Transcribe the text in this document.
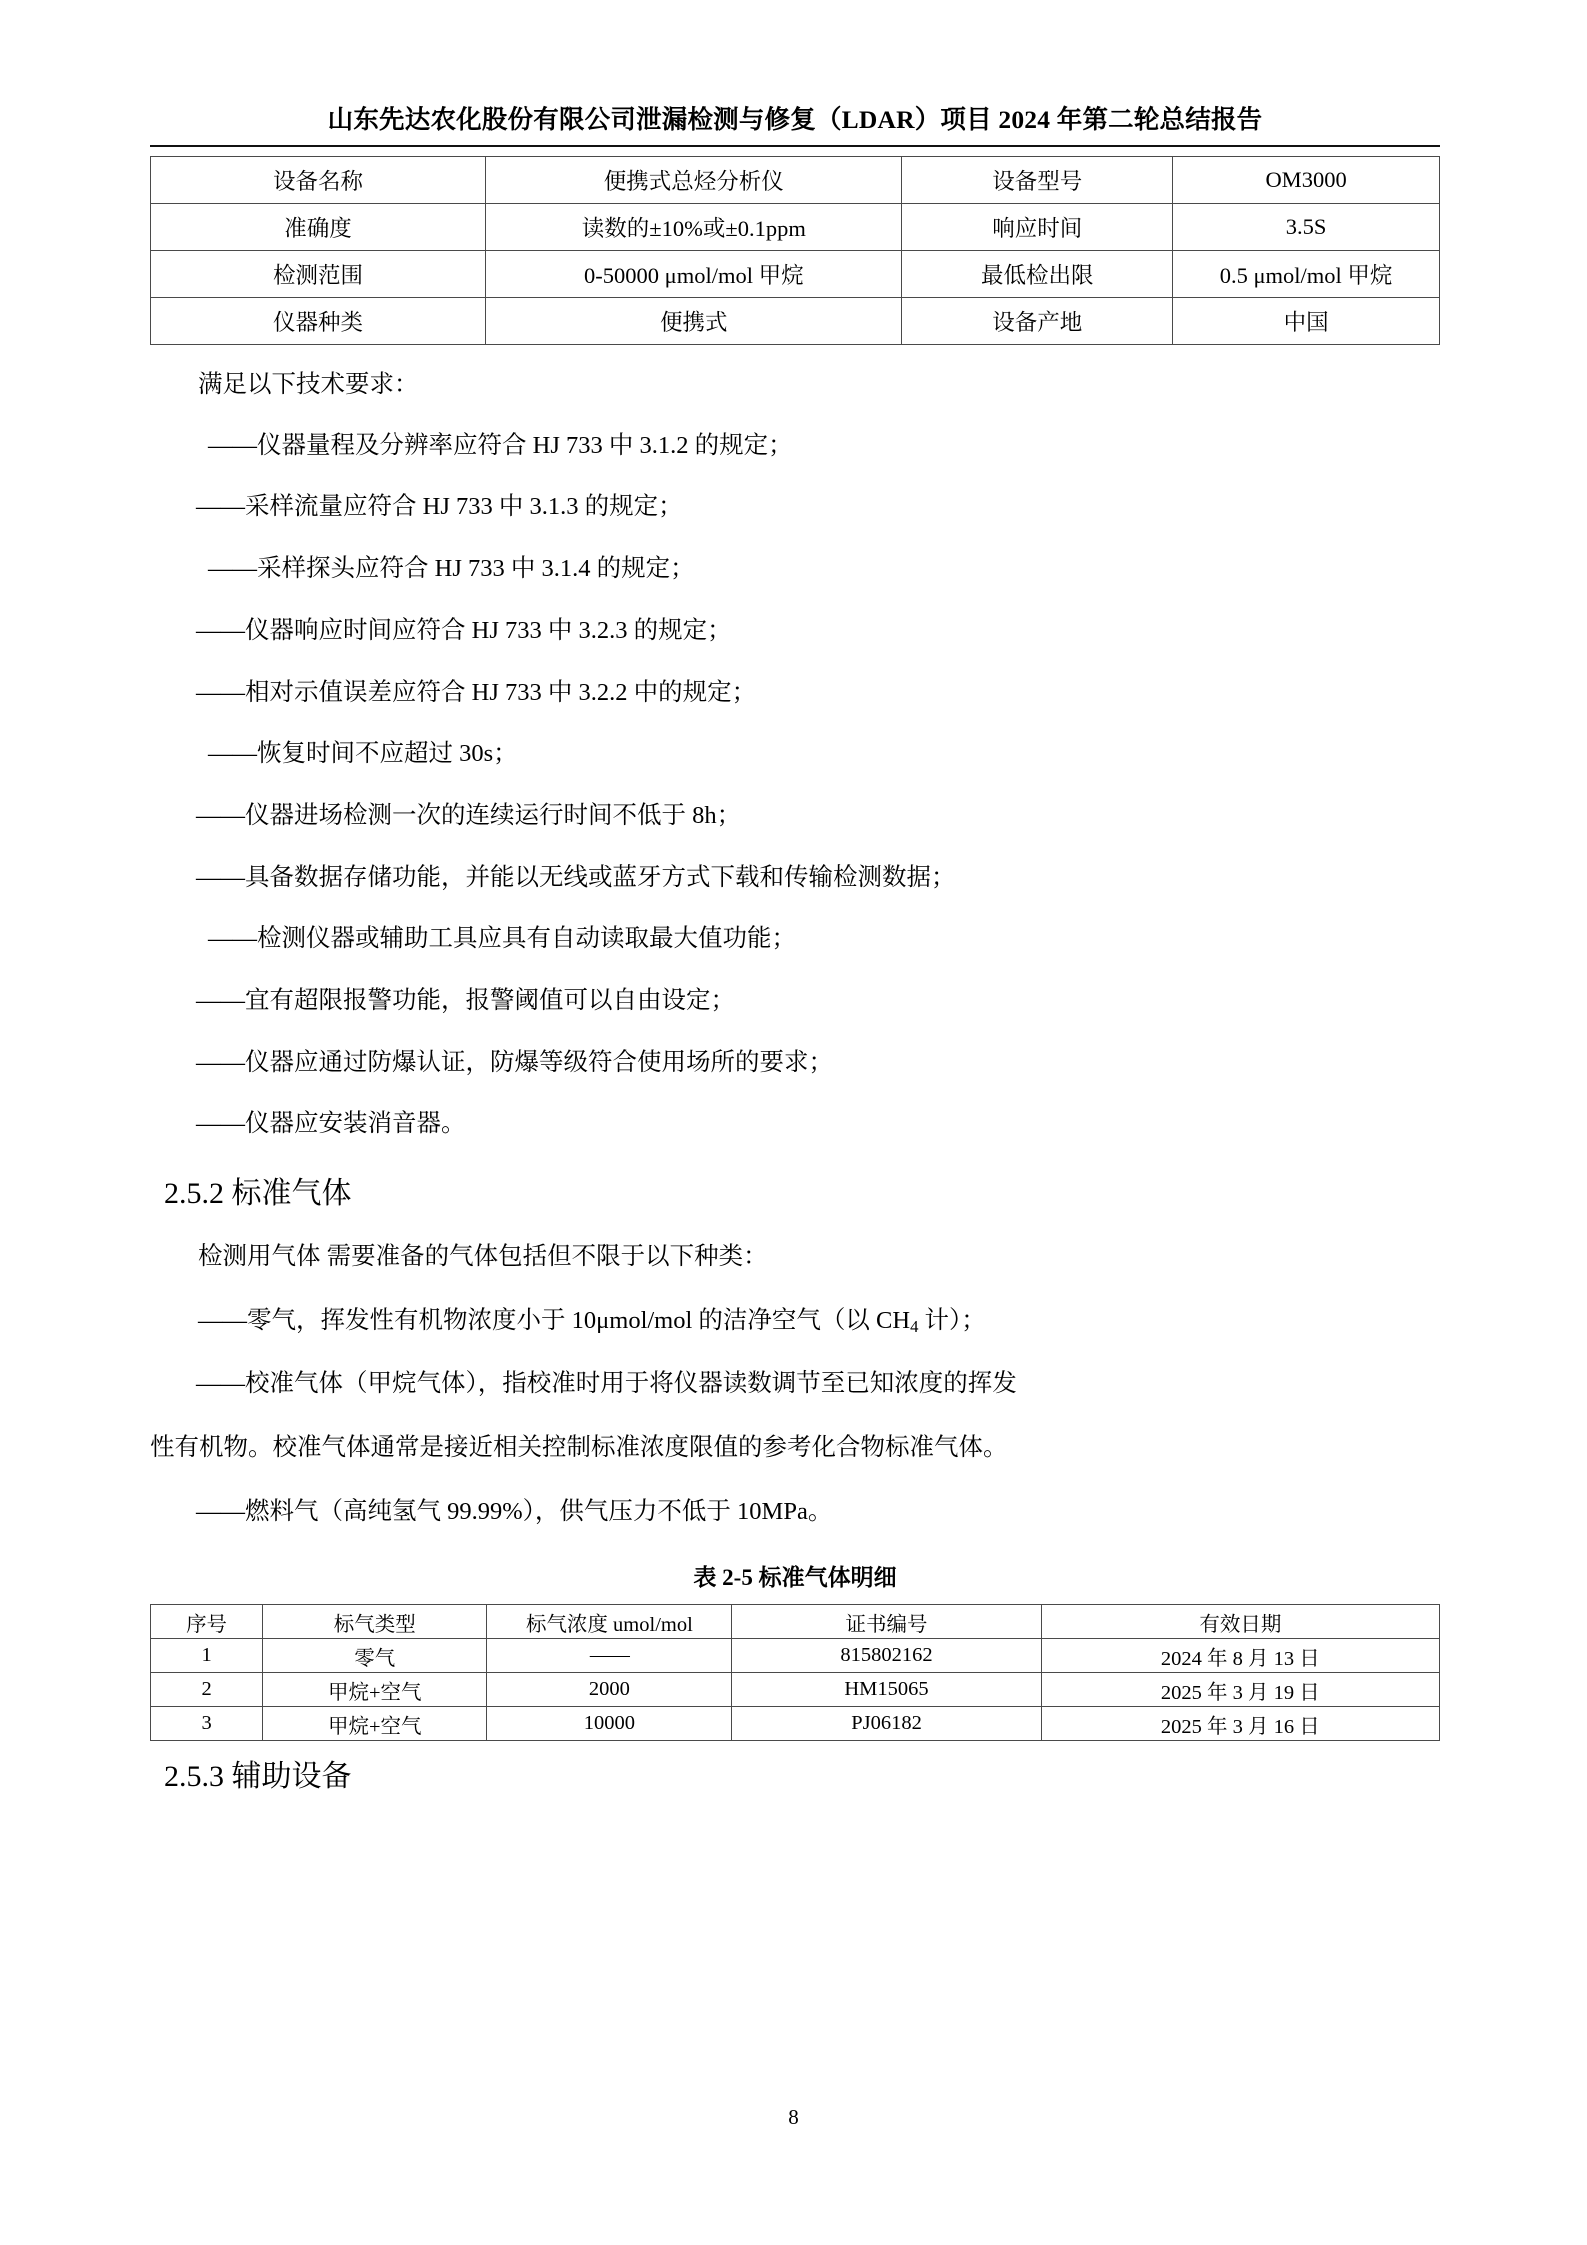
山东先达农化股份有限公司泄漏检测与修复（LDAR）项目 2024 年第二轮总结报告
设备名称	便携式总烃分析仪	设备型号	OM3000
准确度	读数的±10%或±0.1ppm	响应时间	3.5S
检测范围	0-50000 μmol/mol 甲烷	最低检出限	0.5 μmol/mol 甲烷
仪器种类	便携式	设备产地	中国

满足以下技术要求：

——仪器量程及分辨率应符合 HJ 733 中 3.1.2 的规定；
——采样流量应符合 HJ 733 中 3.1.3 的规定；
——采样探头应符合 HJ 733 中 3.1.4 的规定；
——仪器响应时间应符合 HJ 733 中 3.2.3 的规定；
——相对示值误差应符合 HJ 733 中 3.2.2 中的规定；
——恢复时间不应超过 30s；
——仪器进场检测一次的连续运行时间不低于 8h；
——具备数据存储功能，并能以无线或蓝牙方式下载和传输检测数据；
——检测仪器或辅助工具应具有自动读取最大值功能；
——宜有超限报警功能，报警阈值可以自由设定；
——仪器应通过防爆认证，防爆等级符合使用场所的要求；
——仪器应安装消音器。
2.5.2 标准气体

检测用气体 需要准备的气体包括但不限于以下种类：

——零气，挥发性有机物浓度小于 10μmol/mol 的洁净空气（以 $CH_4$ 计）；

——校准气体（甲烷气体），指校准时用于将仪器读数调节至已知浓度的挥发

性有机物。校准气体通常是接近相关控制标准浓度限值的参考化合物标准气体。

——燃料气（高纯氢气 99.99%），供气压力不低于 10MPa。

表 2-5 标准气体明细
序号	标气类型	标气浓度 umol/mol	证书编号	有效日期
1	零气	——	815802162	2024 年 8 月 13 日
2	甲烷+空气	2000	HM15065	2025 年 3 月 19 日
3	甲烷+空气	10000	PJ06182	2025 年 3 月 16 日
2.5.3 辅助设备
8
